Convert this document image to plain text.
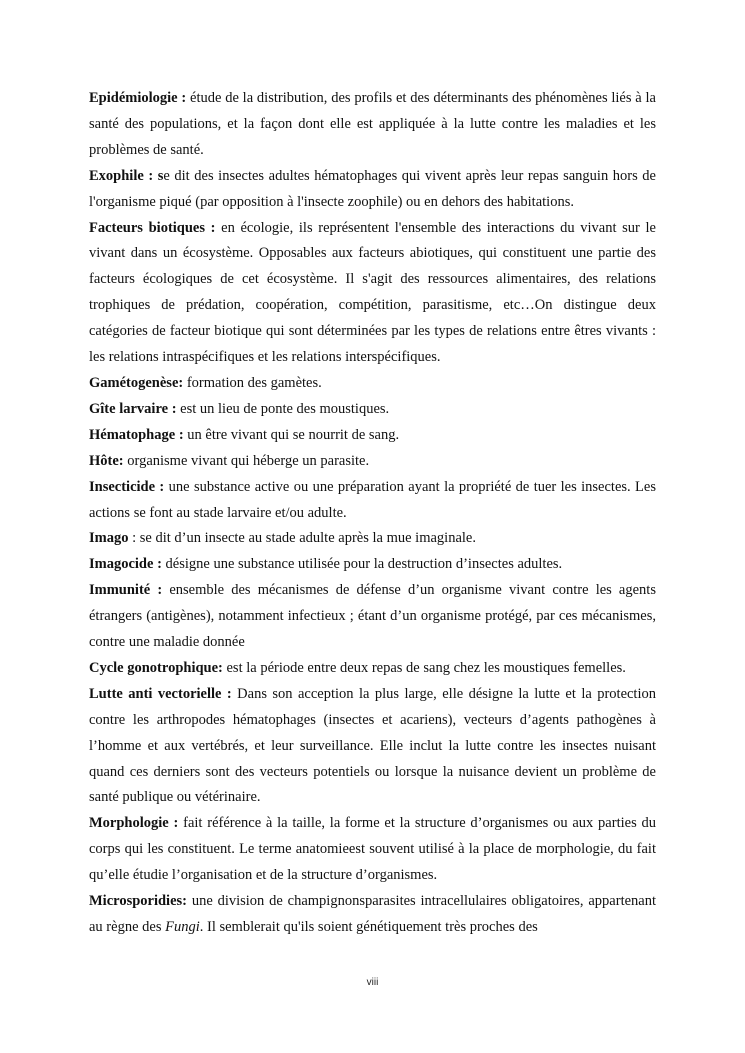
Epidémiologie : étude de la distribution, des profils et des déterminants des phénomènes liés à la santé des populations, et la façon dont elle est appliquée à la lutte contre les maladies et les problèmes de santé.

Exophile : se dit des insectes adultes hématophages qui vivent après leur repas sanguin hors de l'organisme piqué (par opposition à l'insecte zoophile) ou en dehors des habitations.

Facteurs biotiques : en écologie, ils représentent l'ensemble des interactions du vivant sur le vivant dans un écosystème. Opposables aux facteurs abiotiques, qui constituent une partie des facteurs écologiques de cet écosystème. Il s'agit des ressources alimentaires, des relations trophiques de prédation, coopération, compétition, parasitisme, etc…On distingue deux catégories de facteur biotique qui sont déterminées par les types de relations entre êtres vivants : les relations intraspécifiques et les relations interspécifiques.

Gamétogenèse: formation des gamètes.

Gîte larvaire : est un lieu de ponte des moustiques.

Hématophage : un être vivant qui se nourrit de sang.

Hôte: organisme vivant qui héberge un parasite.

Insecticide : une substance active ou une préparation ayant la propriété de tuer les insectes. Les actions se font au stade larvaire et/ou adulte.

Imago : se dit d’un insecte au stade adulte après la mue imaginale.

Imagocide : désigne une substance utilisée pour la destruction d’insectes adultes.

Immunité : ensemble des mécanismes de défense d’un organisme vivant contre les agents étrangers (antigènes), notamment infectieux ; étant d’un organisme protégé, par ces mécanismes, contre une maladie donnée

Cycle gonotrophique: est la période entre deux repas de sang chez les moustiques femelles.

Lutte anti vectorielle : Dans son acception la plus large, elle désigne la lutte et la protection contre les arthropodes hématophages (insectes et acariens), vecteurs d’agents pathogènes à l’homme et aux vertébrés, et leur surveillance. Elle inclut la lutte contre les insectes nuisant quand ces derniers sont des vecteurs potentiels ou lorsque la nuisance devient un problème de santé publique ou vétérinaire.

Morphologie : fait référence à la taille, la forme et la structure d’organismes ou aux parties du corps qui les constituent. Le terme anatomieest souvent utilisé à la place de morphologie, du fait qu’elle étudie l’organisation et de la structure d’organismes.

Microsporidies: une division de champignonsparasites intracellulaires obligatoires, appartenant au règne des Fungi. Il semblerait qu'ils soient génétiquement très proches des

viii
